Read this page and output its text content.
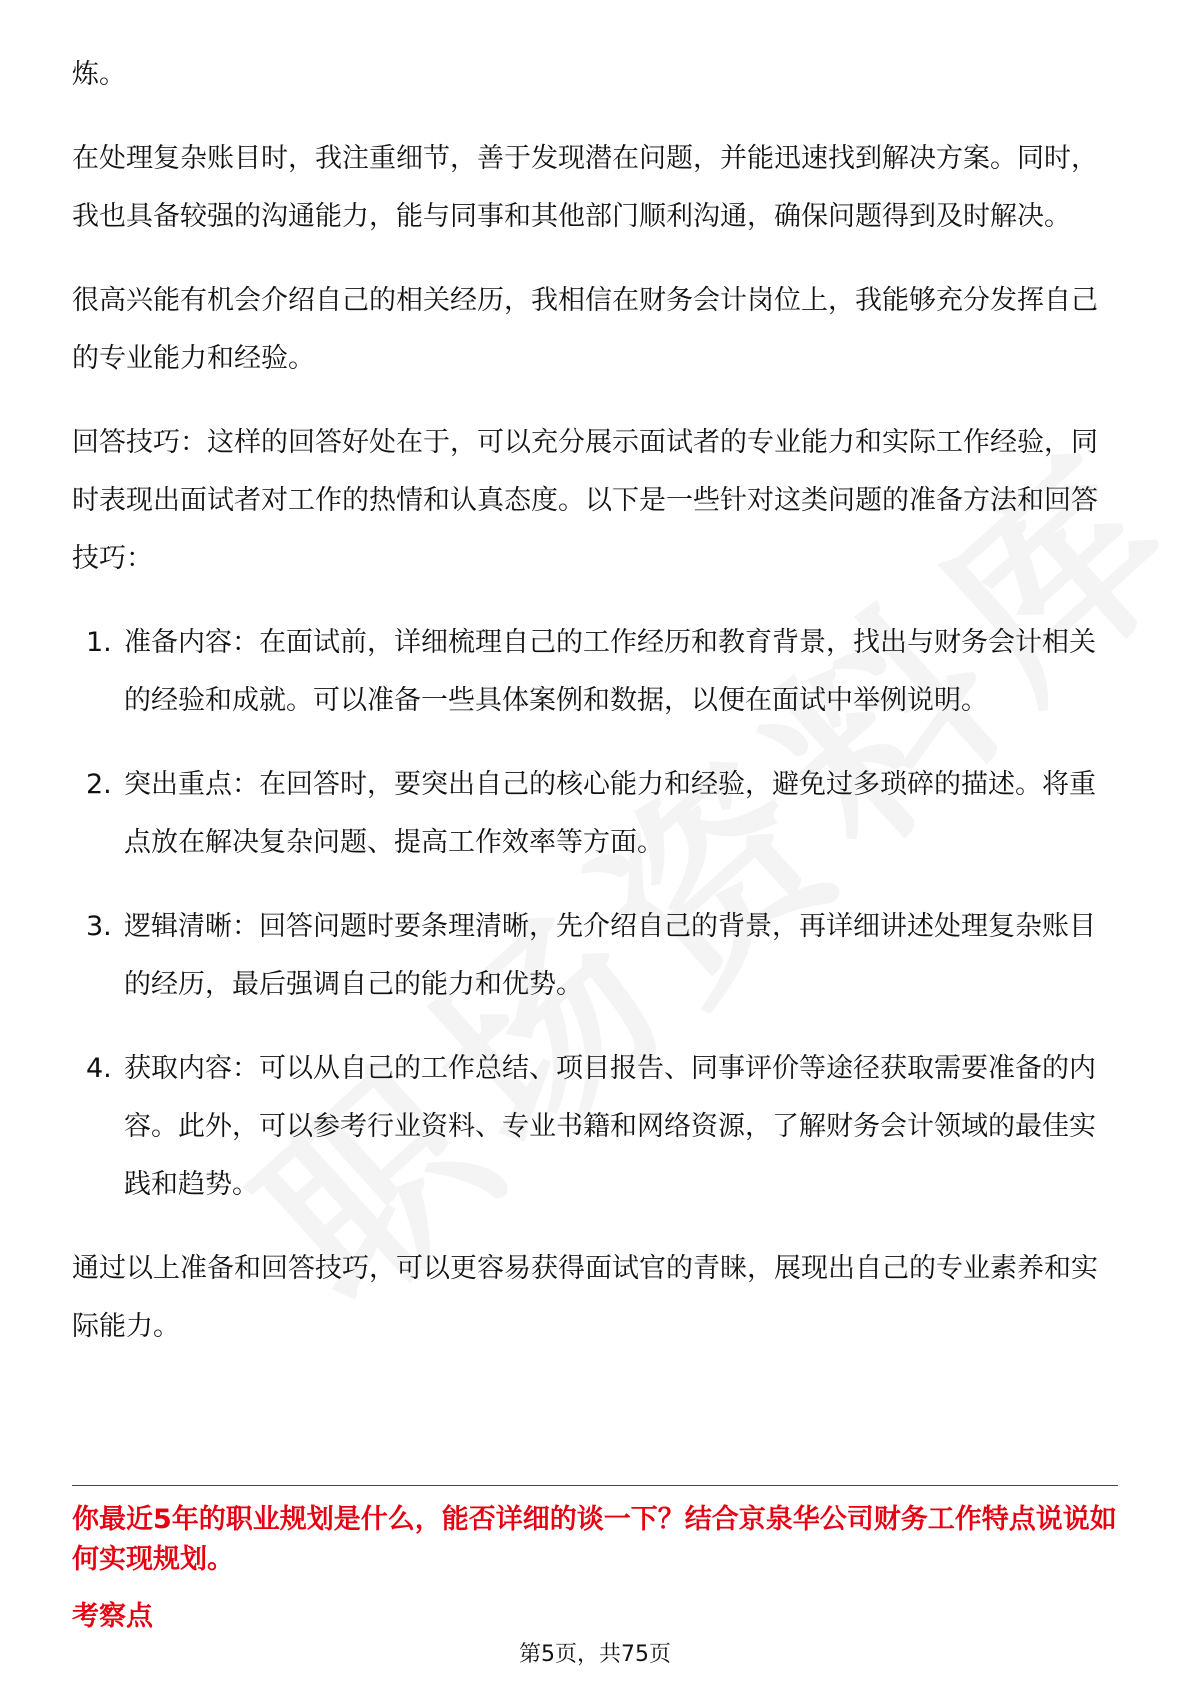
炼。

在处理复杂账目时，我注重细节，善于发现潜在问题，并能迅速找到解决方案。同时，我也具备较强的沟通能力，能与同事和其他部门顺利沟通，确保问题得到及时解决。

很高兴能有机会介绍自己的相关经历，我相信在财务会计岗位上，我能够充分发挥自己的专业能力和经验。

回答技巧：这样的回答好处在于，可以充分展示面试者的专业能力和实际工作经验，同时表现出面试者对工作的热情和认真态度。以下是一些针对这类问题的准备方法和回答技巧：

1. 准备内容：在面试前，详细梳理自己的工作经历和教育背景，找出与财务会计相关的经验和成就。可以准备一些具体案例和数据，以便在面试中举例说明。
2. 突出重点：在回答时，要突出自己的核心能力和经验，避免过多琐碎的描述。将重点放在解决复杂问题、提高工作效率等方面。
3. 逻辑清晰：回答问题时要条理清晰，先介绍自己的背景，再详细讲述处理复杂账目的经历，最后强调自己的能力和优势。
4. 获取内容：可以从自己的工作总结、项目报告、同事评价等途径获取需要准备的内容。此外，可以参考行业资料、专业书籍和网络资源，了解财务会计领域的最佳实践和趋势。

通过以上准备和回答技巧，可以更容易获得面试官的青睐，展现出自己的专业素养和实际能力。

你最近5年的职业规划是什么，能否详细的谈一下？结合京泉华公司财务工作特点说说如何实现规划。
考察点
第5页，共75页
